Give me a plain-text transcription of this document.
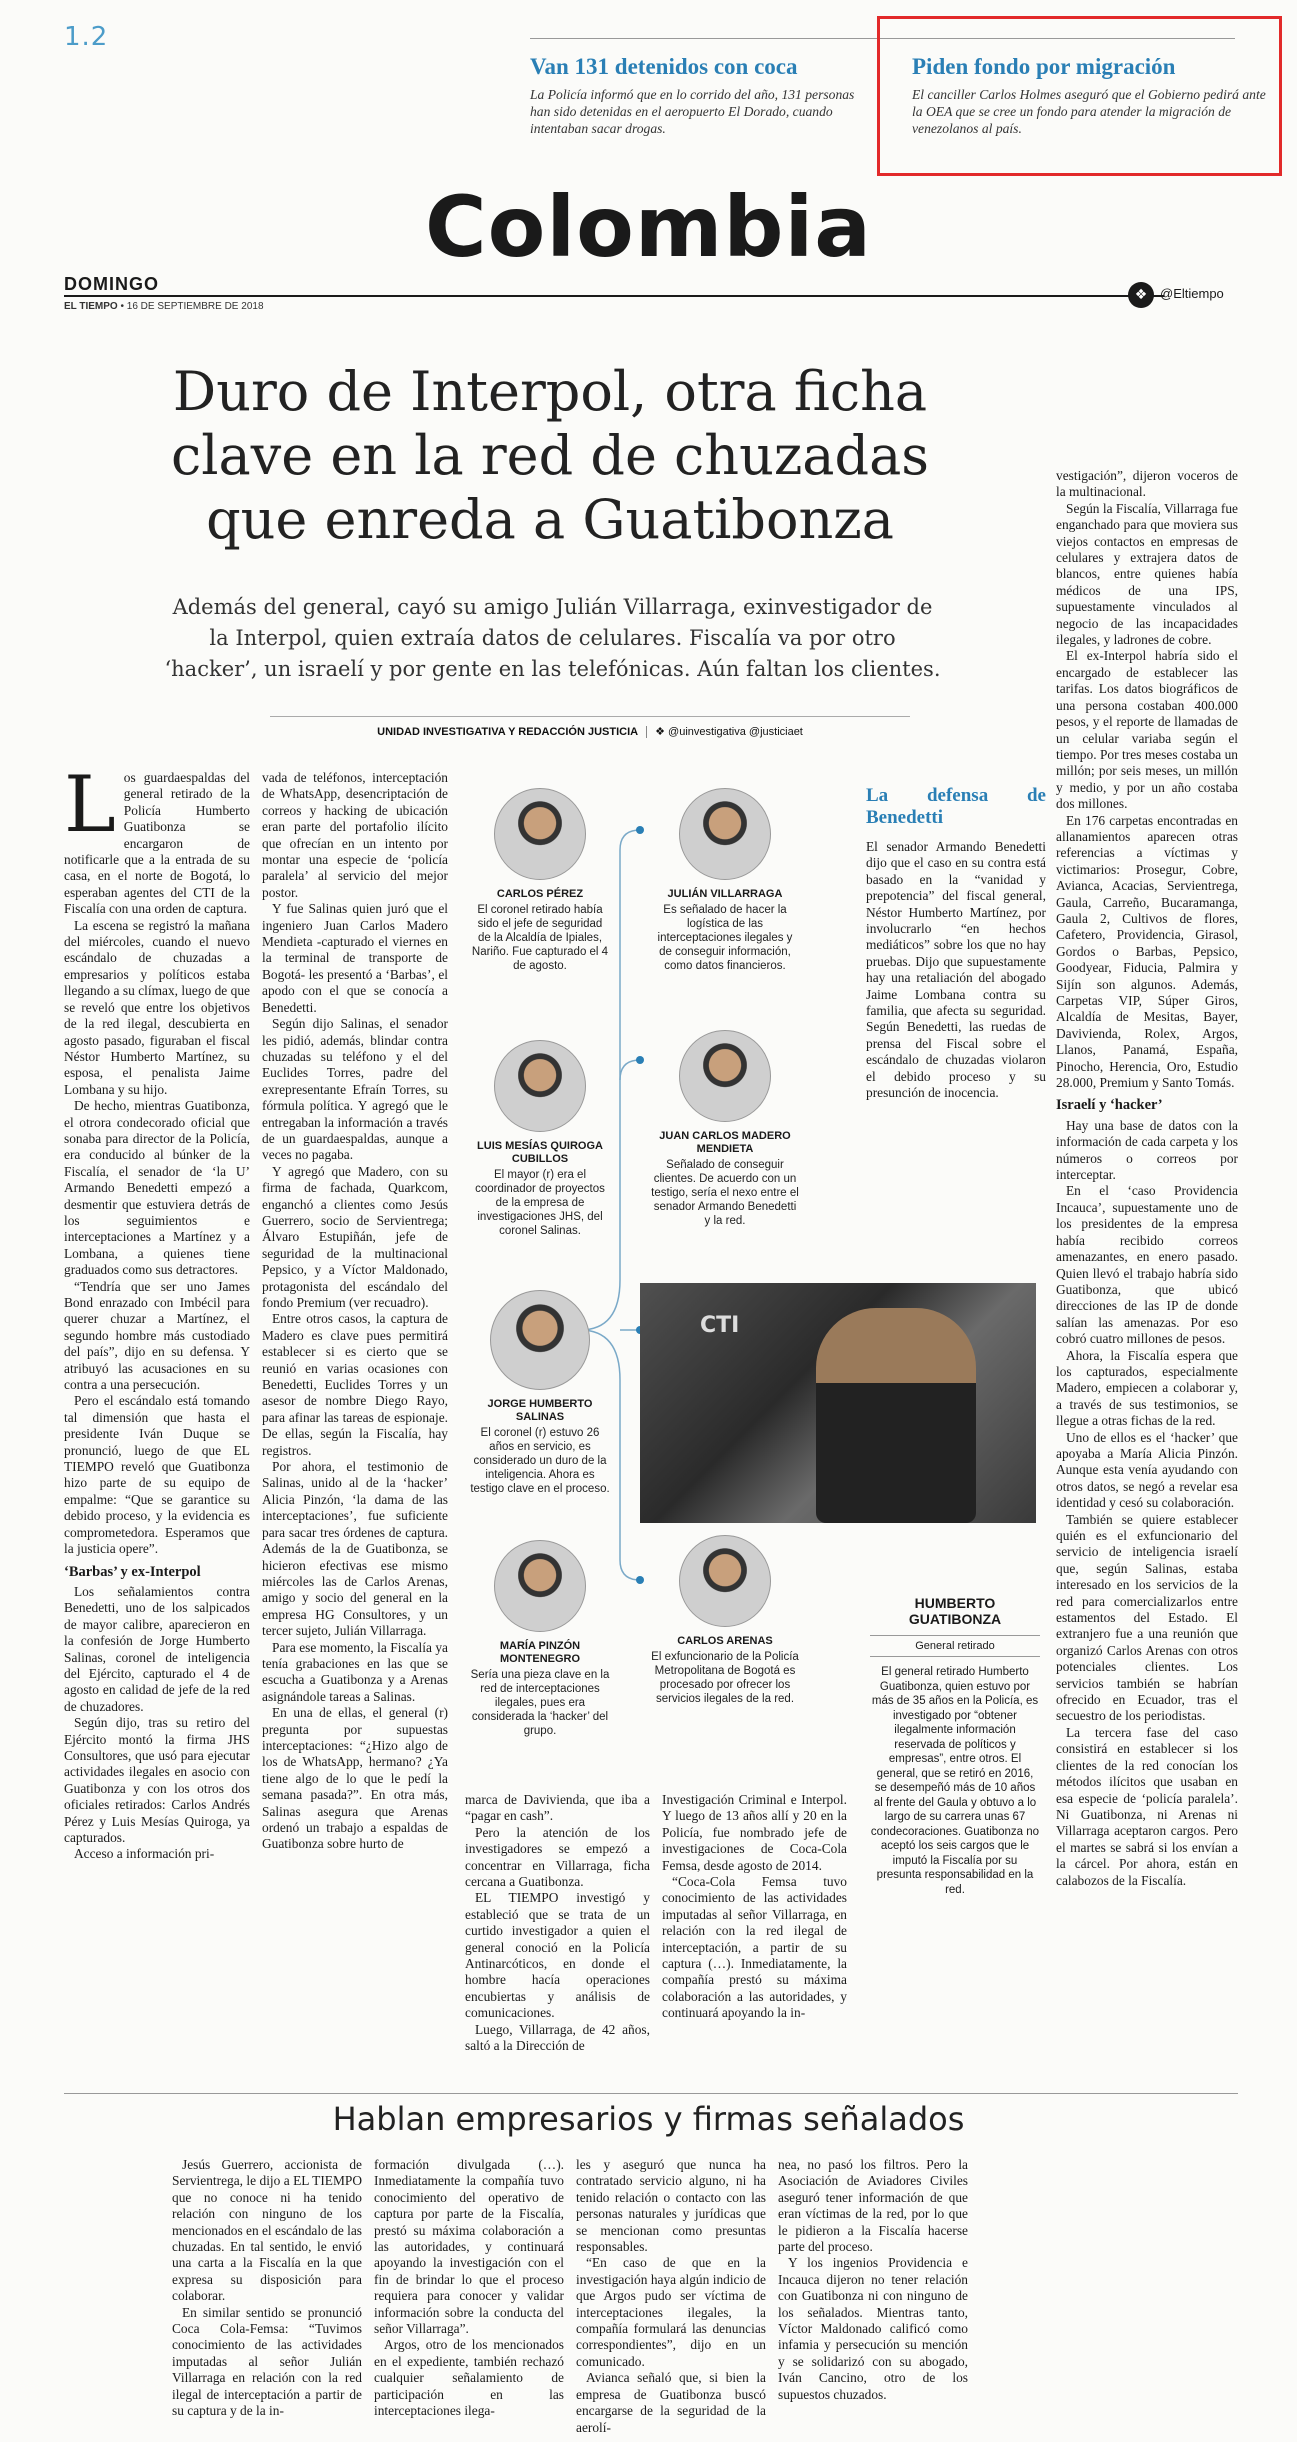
1.2
Van 131 detenidos con coca

La Policía informó que en lo corrido del año, 131 personas han sido detenidas en el aeropuerto El Dorado, cuando intentaban sacar drogas.

Piden fondo por migración

El canciller Carlos Holmes aseguró que el Gobierno pedirá ante la OEA que se cree un fondo para atender la migración de venezolanos al país.

Colombia
DOMINGO
EL TIEMPO • 16 DE SEPTIEMBRE DE 2018
❖ @Eltiempo
Duro de Interpol, otra ficha clave en la red de chuzadas que enreda a Guatibonza
Además del general, cayó su amigo Julián Villarraga, exinvestigador de la Interpol, quien extraía datos de celulares. Fiscalía va por otro ‘hacker’, un israelí y por gente en las telefónicas. Aún faltan los clientes.
UNIDAD INVESTIGATIVA Y REDACCIÓN JUSTICIA ❖ @uinvestigativa @justiciaet
L os guardaespaldas del general retirado de la Policía Humberto Guatibonza se encargaron de notificarle que a la entrada de su casa, en el norte de Bogotá, lo esperaban agentes del CTI de la Fiscalía con una orden de captura.

La escena se registró la mañana del miércoles, cuando el nuevo escándalo de chuzadas a empresarios y políticos estaba llegando a su clímax, luego de que se reveló que entre los objetivos de la red ilegal, descubierta en agosto pasado, figuraban el fiscal Néstor Humberto Martínez, su esposa, el penalista Jaime Lombana y su hijo.

De hecho, mientras Guatibonza, el otrora condecorado oficial que sonaba para director de la Policía, era conducido al búnker de la Fiscalía, el senador de ‘la U’ Armando Benedetti empezó a desmentir que estuviera detrás de los seguimientos e interceptaciones a Martínez y a Lombana, a quienes tiene graduados como sus detractores.

“Tendría que ser uno James Bond enrazado con Imbécil para querer chuzar a Martínez, el segundo hombre más custodiado del país”, dijo en su defensa. Y atribuyó las acusaciones en su contra a una persecución.

Pero el escándalo está tomando tal dimensión que hasta el presidente Iván Duque se pronunció, luego de que EL TIEMPO reveló que Guatibonza hizo parte de su equipo de empalme: “Que se garantice su debido proceso, y la evidencia es comprometedora. Esperamos que la justicia opere”.

‘Barbas’ y ex-Interpol

Los señalamientos contra Benedetti, uno de los salpicados de mayor calibre, aparecieron en la confesión de Jorge Humberto Salinas, coronel de inteligencia del Ejército, capturado el 4 de agosto en calidad de jefe de la red de chuzadores.

Según dijo, tras su retiro del Ejército montó la firma JHS Consultores, que usó para ejecutar actividades ilegales en asocio con Guatibonza y con los otros dos oficiales retirados: Carlos Andrés Pérez y Luis Mesías Quiroga, ya capturados.

Acceso a información pri-

vada de teléfonos, interceptación de WhatsApp, desencriptación de correos y hacking de ubicación eran parte del portafolio ilícito que ofrecían en un intento por montar una especie de ‘policía paralela’ al servicio del mejor postor.

Y fue Salinas quien juró que el ingeniero Juan Carlos Madero Mendieta -capturado el viernes en la terminal de transporte de Bogotá- les presentó a ‘Barbas’, el apodo con el que se conocía a Benedetti.

Según dijo Salinas, el senador les pidió, además, blindar contra chuzadas su teléfono y el del Euclides Torres, padre del exrepresentante Efraín Torres, su fórmula política. Y agregó que le entregaban la información a través de un guardaespaldas, aunque a veces no pagaba.

Y agregó que Madero, con su firma de fachada, Quarkcom, enganchó a clientes como Jesús Guerrero, socio de Servientrega; Álvaro Estupiñán, jefe de seguridad de la multinacional Pepsico, y a Víctor Maldonado, protagonista del escándalo del fondo Premium (ver recuadro).

Entre otros casos, la captura de Madero es clave pues permitirá establecer si es cierto que se reunió en varias ocasiones con Benedetti, Euclides Torres y un asesor de nombre Diego Rayo, para afinar las tareas de espionaje. De ellas, según la Fiscalía, hay registros.

Por ahora, el testimonio de Salinas, unido al de la ‘hacker’ Alicia Pinzón, ‘la dama de las interceptaciones’, fue suficiente para sacar tres órdenes de captura. Además de la de Guatibonza, se hicieron efectivas ese mismo miércoles las de Carlos Arenas, amigo y socio del general en la empresa HG Consultores, y un tercer sujeto, Julián Villarraga.

Para ese momento, la Fiscalía ya tenía grabaciones en las que se escucha a Guatibonza y a Arenas asignándole tareas a Salinas.

En una de ellas, el general (r) pregunta por supuestas interceptaciones: “¿Hizo algo de los de WhatsApp, hermano? ¿Ya tiene algo de lo que le pedí la semana pasada?”. En otra más, Salinas asegura que Arenas ordenó un trabajo a espaldas de Guatibonza sobre hurto de

CARLOS PÉREZ
El coronel retirado había sido el jefe de seguridad de la Alcaldía de Ipiales, Nariño. Fue capturado el 4 de agosto.
LUIS MESÍAS QUIROGA CUBILLOS
El mayor (r) era el coordinador de proyectos de la empresa de investigaciones JHS, del coronel Salinas.
JORGE HUMBERTO SALINAS
El coronel (r) estuvo 26 años en servicio, es considerado un duro de la inteligencia. Ahora es testigo clave en el proceso.
MARÍA PINZÓN MONTENEGRO
Sería una pieza clave en la red de interceptaciones ilegales, pues era considerada la ‘hacker’ del grupo.
JULIÁN VILLARRAGA
Es señalado de hacer la logística de las interceptaciones ilegales y de conseguir información, como datos financieros.
JUAN CARLOS MADERO MENDIETA
Señalado de conseguir clientes. De acuerdo con un testigo, sería el nexo entre el senador Armando Benedetti y la red.
CARLOS ARENAS
El exfuncionario de la Policía Metropolitana de Bogotá es procesado por ofrecer los servicios ilegales de la red.
La defensa de Benedetti

El senador Armando Benedetti dijo que el caso en su contra está basado en la “vanidad y prepotencia” del fiscal general, Néstor Humberto Martínez, por involucrarlo “en hechos mediáticos” sobre los que no hay pruebas. Dijo que supuestamente hay una retaliación del abogado Jaime Lombana contra su familia, que afecta su seguridad. Según Benedetti, las ruedas de prensa del Fiscal sobre el escándalo de chuzadas violaron el debido proceso y su presunción de inocencia.

CTI
HUMBERTO GUATIBONZA
General retirado
El general retirado Humberto Guatibonza, quien estuvo por más de 35 años en la Policía, es investigado por “obtener ilegalmente información reservada de políticos y empresas”, entre otros. El general, que se retiró en 2016, se desempeñó más de 10 años al frente del Gaula y obtuvo a lo largo de su carrera unas 67 condecoraciones. Guatibonza no aceptó los seis cargos que le imputó la Fiscalía por su presunta responsabilidad en la red.

marca de Davivienda, que iba a “pagar en cash”.

Pero la atención de los investigadores se empezó a concentrar en Villarraga, ficha cercana a Guatibonza.

EL TIEMPO investigó y estableció que se trata de un curtido investigador a quien el general conoció en la Policía Antinarcóticos, en donde el hombre hacía operaciones encubiertas y análisis de comunicaciones.

Luego, Villarraga, de 42 años, saltó a la Dirección de

Investigación Criminal e Interpol. Y luego de 13 años allí y 20 en la Policía, fue nombrado jefe de investigaciones de Coca-Cola Femsa, desde agosto de 2014.

“Coca-Cola Femsa tuvo conocimiento de las actividades imputadas al señor Villarraga, en relación con la red ilegal de interceptación, a partir de su captura (…). Inmediatamente, la compañía prestó su máxima colaboración a las autoridades, y continuará apoyando la in-

vestigación”, dijeron voceros de la multinacional.

Según la Fiscalía, Villarraga fue enganchado para que moviera sus viejos contactos en empresas de celulares y extrajera datos de blancos, entre quienes había médicos de una IPS, supuestamente vinculados al negocio de las incapacidades ilegales, y ladrones de cobre.

El ex-Interpol habría sido el encargado de establecer las tarifas. Los datos biográficos de una persona costaban 400.000 pesos, y el reporte de llamadas de un celular variaba según el tiempo. Por tres meses costaba un millón; por seis meses, un millón y medio, y por un año costaba dos millones.

En 176 carpetas encontradas en allanamientos aparecen otras referencias a víctimas y victimarios: Prosegur, Cobre, Avianca, Acacias, Servientrega, Gaula, Carreño, Bucaramanga, Gaula 2, Cultivos de flores, Cafetero, Providencia, Girasol, Gordos o Barbas, Pepsico, Goodyear, Fiducia, Palmira y Sijín son algunos. Además, Carpetas VIP, Súper Giros, Alcaldía de Mesitas, Bayer, Davivienda, Rolex, Argos, Llanos, Panamá, España, Pinocho, Herencia, Oro, Estudio 28.000, Premium y Santo Tomás.

Israelí y ‘hacker’

Hay una base de datos con la información de cada carpeta y los números o correos por interceptar.

En el ‘caso Providencia Incauca’, supuestamente uno de los presidentes de la empresa había recibido correos amenazantes, en enero pasado. Quien llevó el trabajo habría sido Guatibonza, que ubicó direcciones de las IP de donde salían las amenazas. Por eso cobró cuatro millones de pesos.

Ahora, la Fiscalía espera que los capturados, especialmente Madero, empiecen a colaborar y, a través de sus testimonios, se llegue a otras fichas de la red.

Uno de ellos es el ‘hacker’ que apoyaba a María Alicia Pinzón. Aunque esta venía ayudando con otros datos, se negó a revelar esa identidad y cesó su colaboración.

También se quiere establecer quién es el exfuncionario del servicio de inteligencia israelí que, según Salinas, estaba interesado en los servicios de la red para comercializarlos entre estamentos del Estado. El extranjero fue a una reunión que organizó Carlos Arenas con otros potenciales clientes. Los servicios también se habrían ofrecido en Ecuador, tras el secuestro de los periodistas.

La tercera fase del caso consistirá en establecer si los clientes de la red conocían los métodos ilícitos que usaban en esa especie de ‘policía paralela’. Ni Guatibonza, ni Arenas ni Villarraga aceptaron cargos. Pero el martes se sabrá si los envían a la cárcel. Por ahora, están en calabozos de la Fiscalía.

Hablan empresarios y firmas señalados

Jesús Guerrero, accionista de Servientrega, le dijo a EL TIEMPO que no conoce ni ha tenido relación con ninguno de los mencionados en el escándalo de las chuzadas. En tal sentido, le envió una carta a la Fiscalía en la que expresa su disposición para colaborar.

En similar sentido se pronunció Coca Cola-Femsa: “Tuvimos conocimiento de las actividades imputadas al señor Julián Villarraga en relación con la red ilegal de interceptación a partir de su captura y de la in-

formación divulgada (…). Inmediatamente la compañía tuvo conocimiento del operativo de captura por parte de la Fiscalía, prestó su máxima colaboración a las autoridades, y continuará apoyando la investigación con el fin de brindar lo que el proceso requiera para conocer y validar información sobre la conducta del señor Villarraga”.

Argos, otro de los mencionados en el expediente, también rechazó cualquier señalamiento de participación en las interceptaciones ilega-

les y aseguró que nunca ha contratado servicio alguno, ni ha tenido relación o contacto con las personas naturales y jurídicas que se mencionan como presuntas responsables.

“En caso de que en la investigación haya algún indicio de que Argos pudo ser víctima de interceptaciones ilegales, la compañía formulará las denuncias correspondientes”, dijo en un comunicado.

Avianca señaló que, si bien la empresa de Guatibonza buscó encargarse de la seguridad de la aerolí-

nea, no pasó los filtros. Pero la Asociación de Aviadores Civiles aseguró tener información de que eran víctimas de la red, por lo que le pidieron a la Fiscalía hacerse parte del proceso.

Y los ingenios Providencia e Incauca dijeron no tener relación con Guatibonza ni con ninguno de los señalados. Mientras tanto, Víctor Maldonado calificó como infamia y persecución su mención y se solidarizó con su abogado, Iván Cancino, otro de los supuestos chuzados.
